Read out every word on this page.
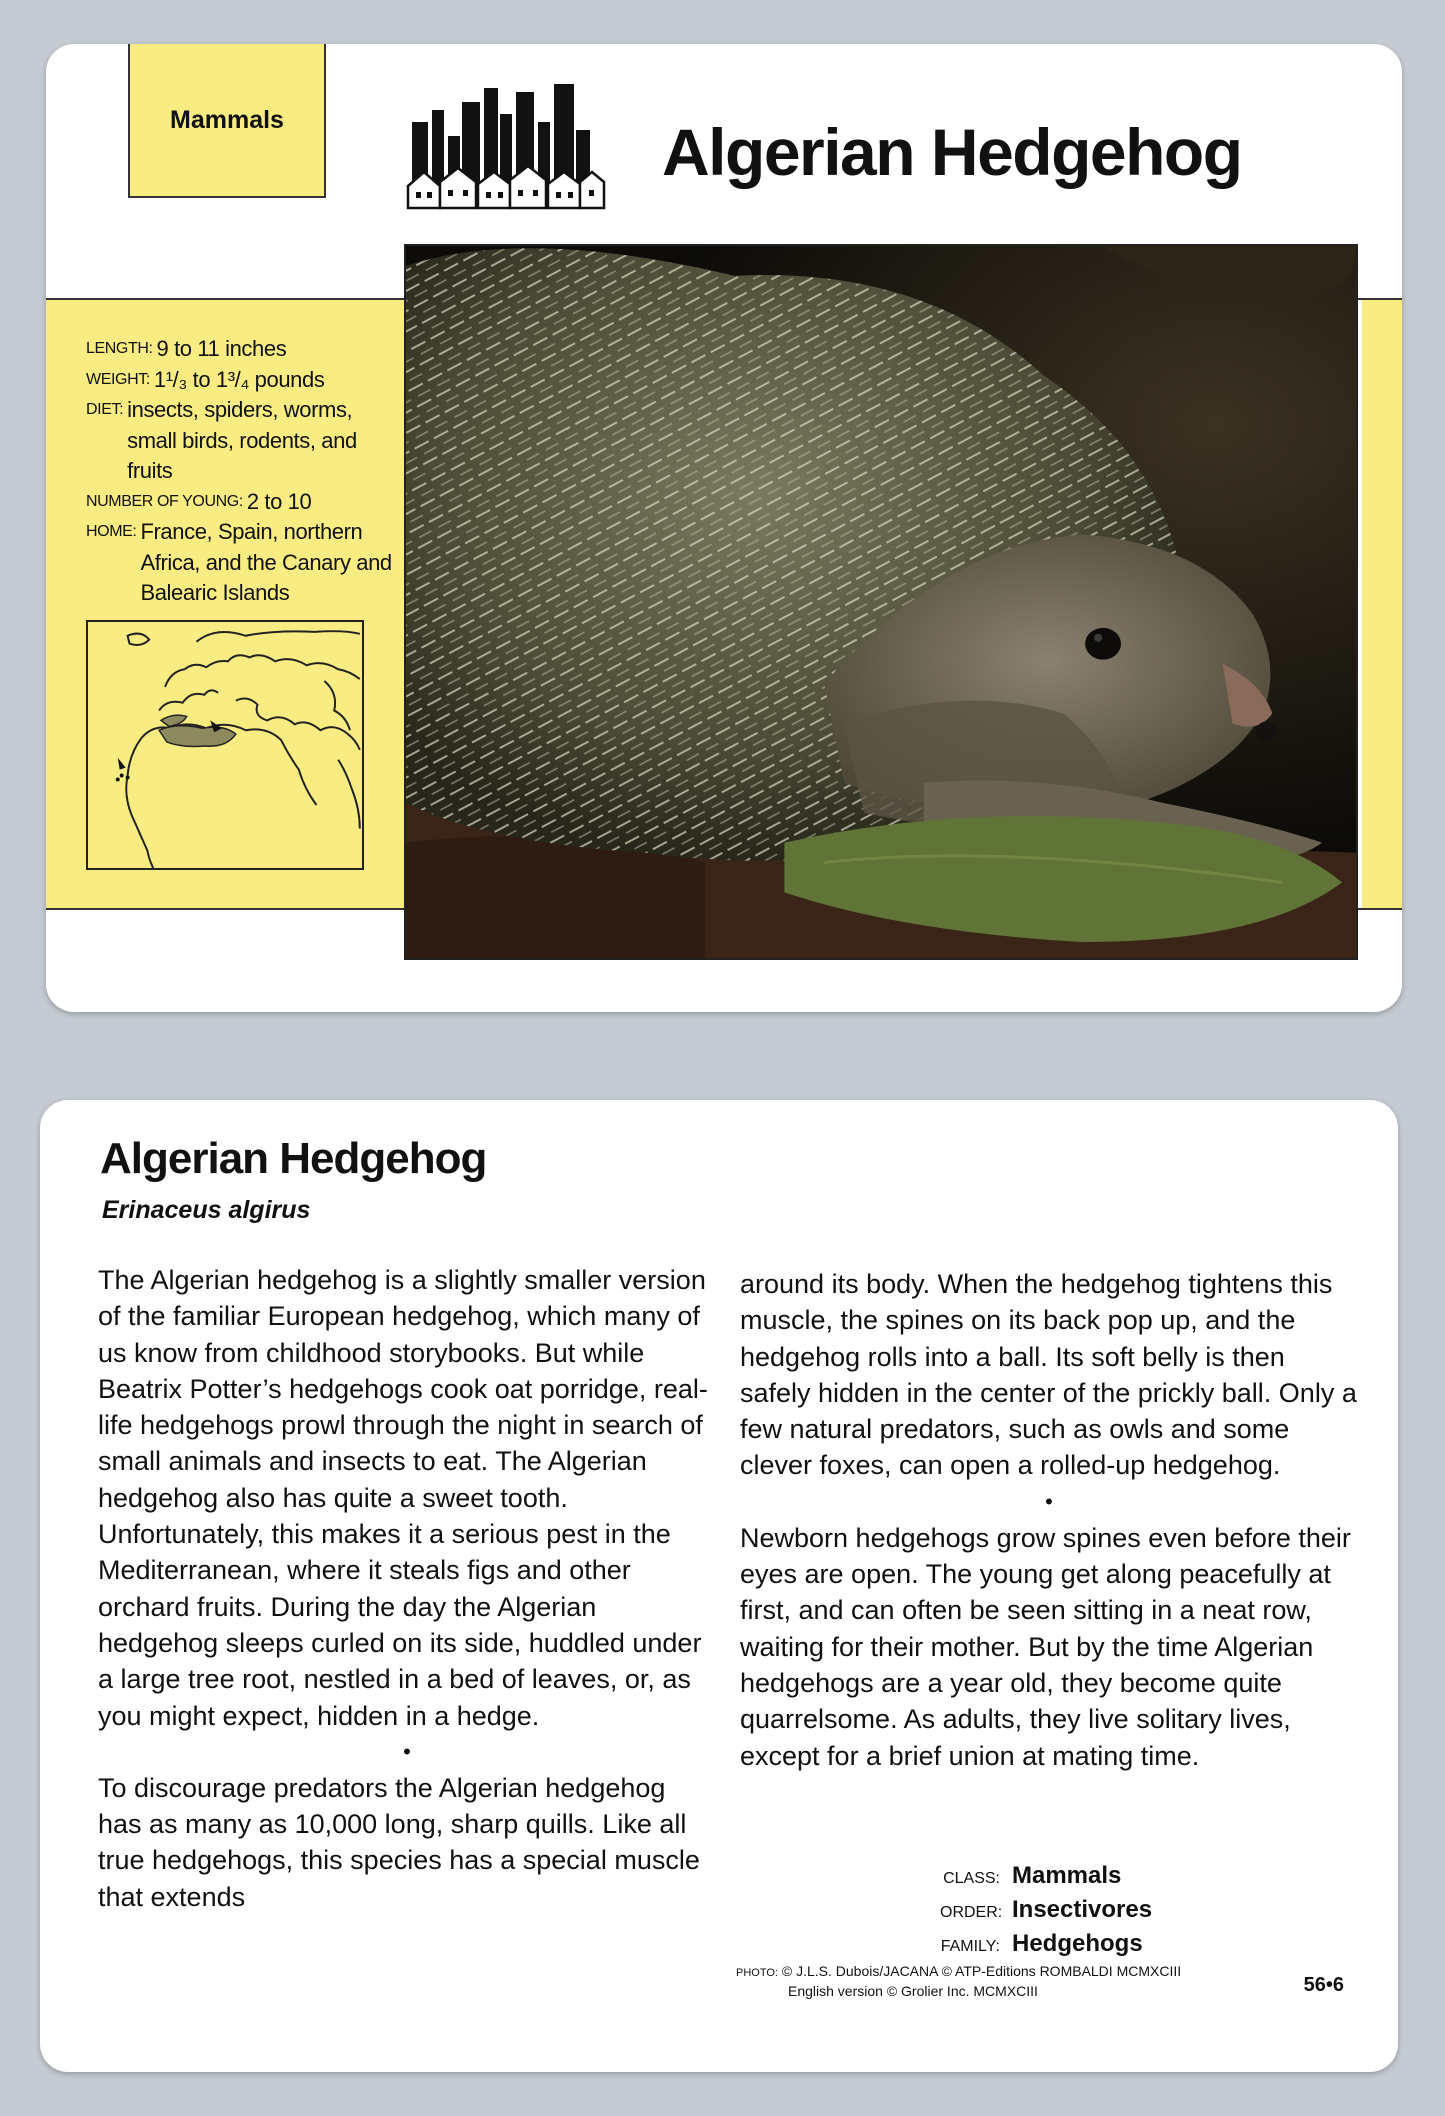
Mammals	Algerian Hedgehog
LENGTH: 9 to 11 inches
WEIGHT: 1¹/₃ to 1³/₄ pounds
DIET: insects, spiders, worms, small birds, rodents, and fruits
NUMBER OF YOUNG: 2 to 10
HOME: France, Spain, northern Africa, and the Canary and Balearic Islands
Algerian Hedgehog
Erinaceus algirus

The Algerian hedgehog is a slightly smaller version of the familiar European hedgehog, which many of us know from childhood storybooks. But while Beatrix Potter’s hedgehogs cook oat porridge, real-life hedgehogs prowl through the night in search of small animals and insects to eat. The Algerian hedgehog also has quite a sweet tooth. Unfortunately, this makes it a serious pest in the Mediterranean, where it steals figs and other orchard fruits. During the day the Algerian hedgehog sleeps curled on its side, huddled under a large tree root, nestled in a bed of leaves, or, as you might expect, hidden in a hedge.

•

To discourage predators the Algerian hedgehog has as many as 10,000 long, sharp quills. Like all true hedgehogs, this species has a special muscle that extends

around its body. When the hedgehog tightens this muscle, the spines on its back pop up, and the hedgehog rolls into a ball. Its soft belly is then safely hidden in the center of the prickly ball. Only a few natural predators, such as owls and some clever foxes, can open a rolled-up hedgehog.

•

Newborn hedgehogs grow spines even before their eyes are open. The young get along peacefully at first, and can often be seen sitting in a neat row, waiting for their mother. But by the time Algerian hedgehogs are a year old, they become quite quarrelsome. As adults, they live solitary lives, except for a brief union at mating time.

CLASS: Mammals
ORDER: Insectivores
FAMILY: Hedgehogs
PHOTO: © J.L.S. Dubois/JACANA © ATP-Editions ROMBALDI MCMXCIII
English version © Grolier Inc. MCMXCIII	56•6
